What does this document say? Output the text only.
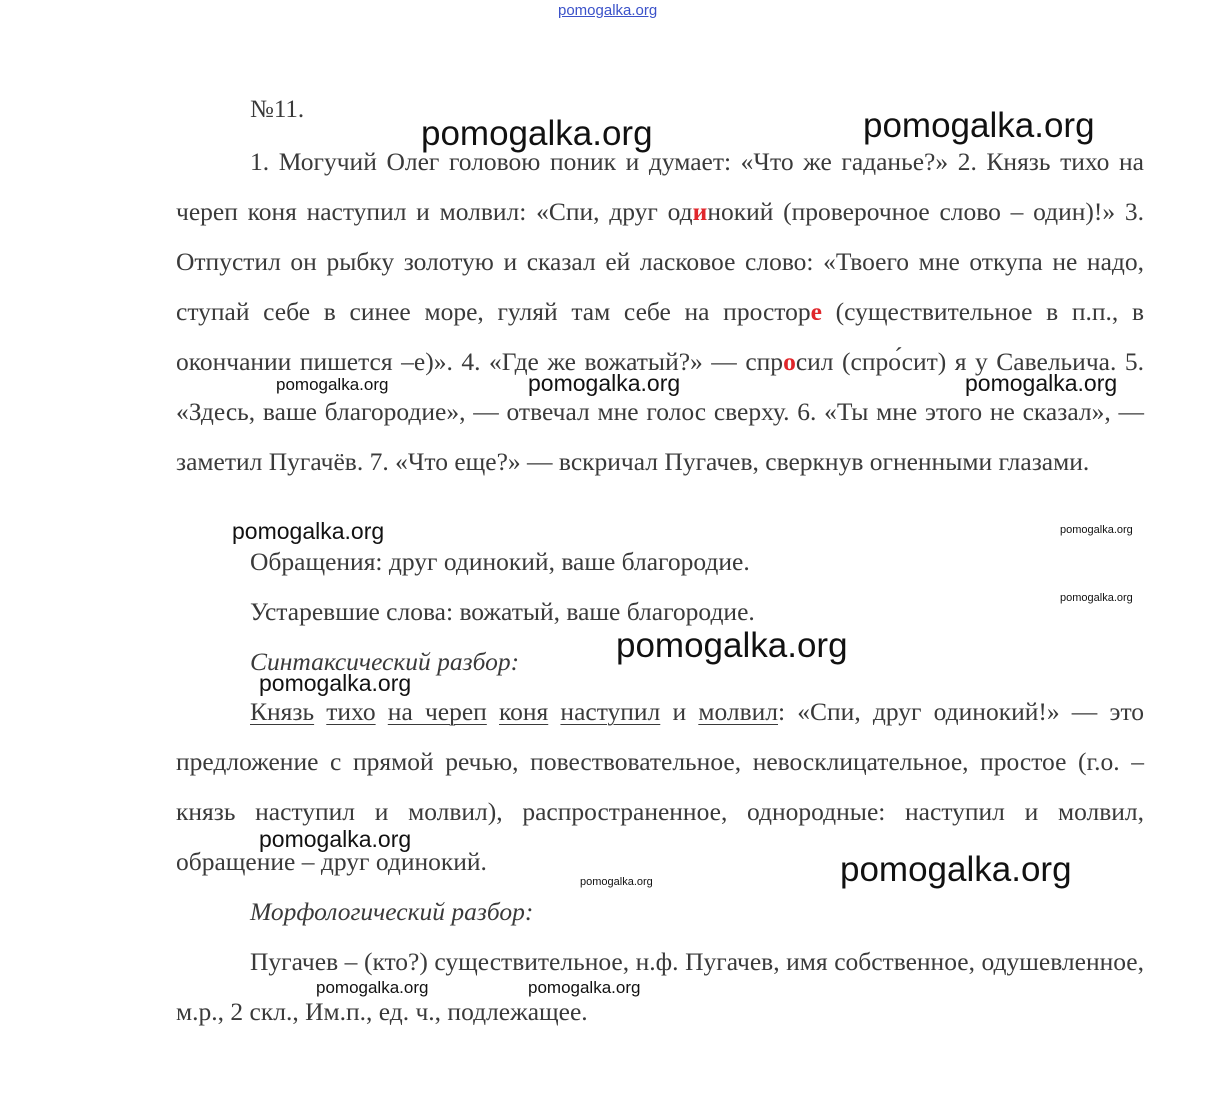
pomogalka.org
№11.

1. Могучий Олег головою поник и думает: «Что же гаданье?» 2. Князь тихо на череп коня наступил и молвил: «Спи, друг одинокий (проверочное слово – один)!» 3. Отпустил он рыбку золотую и сказал ей ласковое слово: «Твоего мне откупа не надо, ступай себе в синее море, гуляй там себе на просторе (существительное в п.п., в окончании пишется –е)». 4. «Где же вожатый?» — спросил (спро́сит) я у Савельича. 5. «Здесь, ваше благородие», — отвечал мне голос сверху. 6. «Ты мне этого не сказал», — заметил Пугачёв. 7. «Что еще?» — вскричал Пугачев, сверкнув огненными глазами.

Обращения: друг одинокий, ваше благородие.

Устаревшие слова: вожатый, ваше благородие.

Синтаксический разбор:

Князь тихо на череп коня наступил и молвил: «Спи, друг одинокий!» — это предложение с прямой речью, повествовательное, невосклицательное, простое (г.о. – князь наступил и молвил), распространенное, однородные: наступил и молвил, обращение – друг одинокий.

Морфологический разбор:

Пугачев – (кто?) существительное, н.ф. Пугачев, имя собственное, одушевленное, м.р., 2 скл., Им.п., ед. ч., подлежащее.

pomogalka.org	pomogalka.org
pomogalka.org	pomogalka.org	pomogalka.org
pomogalka.org	pomogalka.org
pomogalka.org
pomogalka.org
pomogalka.org
pomogalka.org
pomogalka.org
pomogalka.org
pomogalka.org	pomogalka.org
